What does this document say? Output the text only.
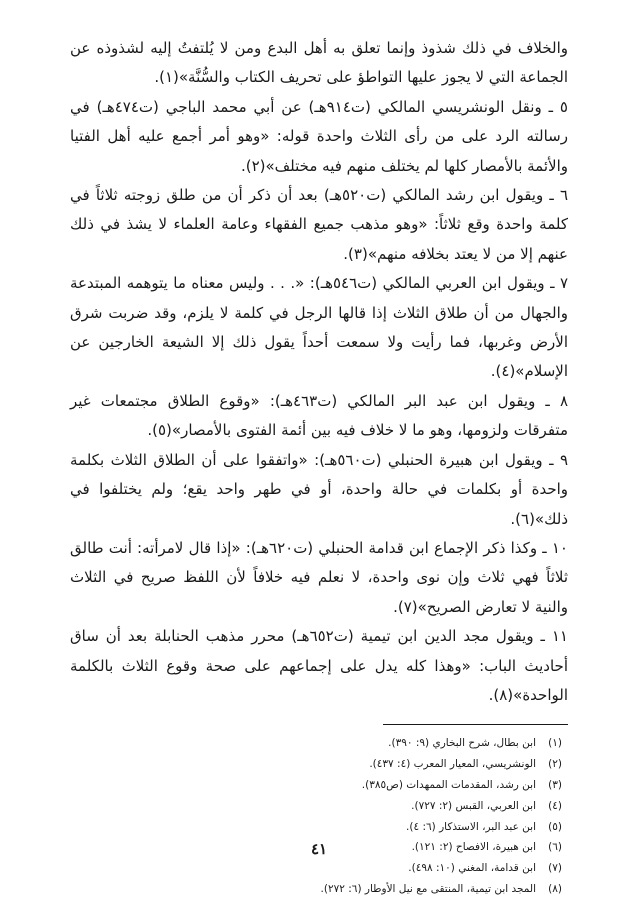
والخلاف في ذلك شذوذ وإنما تعلق به أهل البدع ومن لا يُلتفتُ إليه لشذوذه عن الجماعة التي لا يجوز عليها التواطؤ على تحريف الكتاب والسُّنَّة»(١).

٥ ـ ونقل الونشريسي المالكي (ت٩١٤هـ) عن أبي محمد الباجي (ت٤٧٤هـ) في رسالته الرد على من رأى الثلاث واحدة قوله: «وهو أمر أجمع عليه أهل الفتيا والأئمة بالأمصار كلها لم يختلف منهم فيه مختلف»(٢).

٦ ـ ويقول ابن رشد المالكي (ت٥٢٠هـ) بعد أن ذكر أن من طلق زوجته ثلاثاً في كلمة واحدة وقع ثلاثاً: «وهو مذهب جميع الفقهاء وعامة العلماء لا يشذ في ذلك عنهم إلا من لا يعتد بخلافه منهم»(٣).

٧ ـ ويقول ابن العربي المالكي (ت٥٤٦هـ): «. . . وليس معناه ما يتوهمه المبتدعة والجهال من أن طلاق الثلاث إذا قالها الرجل في كلمة لا يلزم، وقد ضربت شرق الأرض وغربها، فما رأيت ولا سمعت أحداً يقول ذلك إلا الشيعة الخارجين عن الإسلام»(٤).

٨ ـ ويقول ابن عبد البر المالكي (ت٤٦٣هـ): «وقوع الطلاق مجتمعات غير متفرقات ولزومها، وهو ما لا خلاف فيه بين أئمة الفتوى بالأمصار»(٥).

٩ ـ ويقول ابن هبيرة الحنبلي (ت٥٦٠هـ): «واتفقوا على أن الطلاق الثلاث بكلمة واحدة أو بكلمات في حالة واحدة، أو في طهر واحد يقع؛ ولم يختلفوا في ذلك»(٦).

١٠ ـ وكذا ذكر الإجماع ابن قدامة الحنبلي (ت٦٢٠هـ): «إذا قال لامرأته: أنت طالق ثلاثاً فهي ثلاث وإن نوى واحدة، لا نعلم فيه خلافاً لأن اللفظ صريح في الثلاث والنية لا تعارض الصريح»(٧).

١١ ـ ويقول مجد الدين ابن تيمية (ت٦٥٢هـ) محرر مذهب الحنابلة بعد أن ساق أحاديث الباب: «وهذا كله يدل على إجماعهم على صحة وقوع الثلاث بالكلمة الواحدة»(٨).

(١)
ابن بطال، شرح البخاري (٩: ٣٩٠).
(٢)
الونشريسي، المعيار المعرب (٤: ٤٣٧).
(٣)
ابن رشد، المقدمات الممهدات (ص٣٨٥).
(٤)
ابن العربي، القبس (٢: ٧٢٧).
(٥)
ابن عبد البر، الاستذكار (٦: ٤).
(٦)
ابن هبيرة، الافصاح (٢: ١٢١).
(٧)
ابن قدامة، المغني (١٠: ٤٩٨).
(٨)
المجد ابن تيمية، المنتقى مع نيل الأوطار (٦: ٢٧٢).
٤١
